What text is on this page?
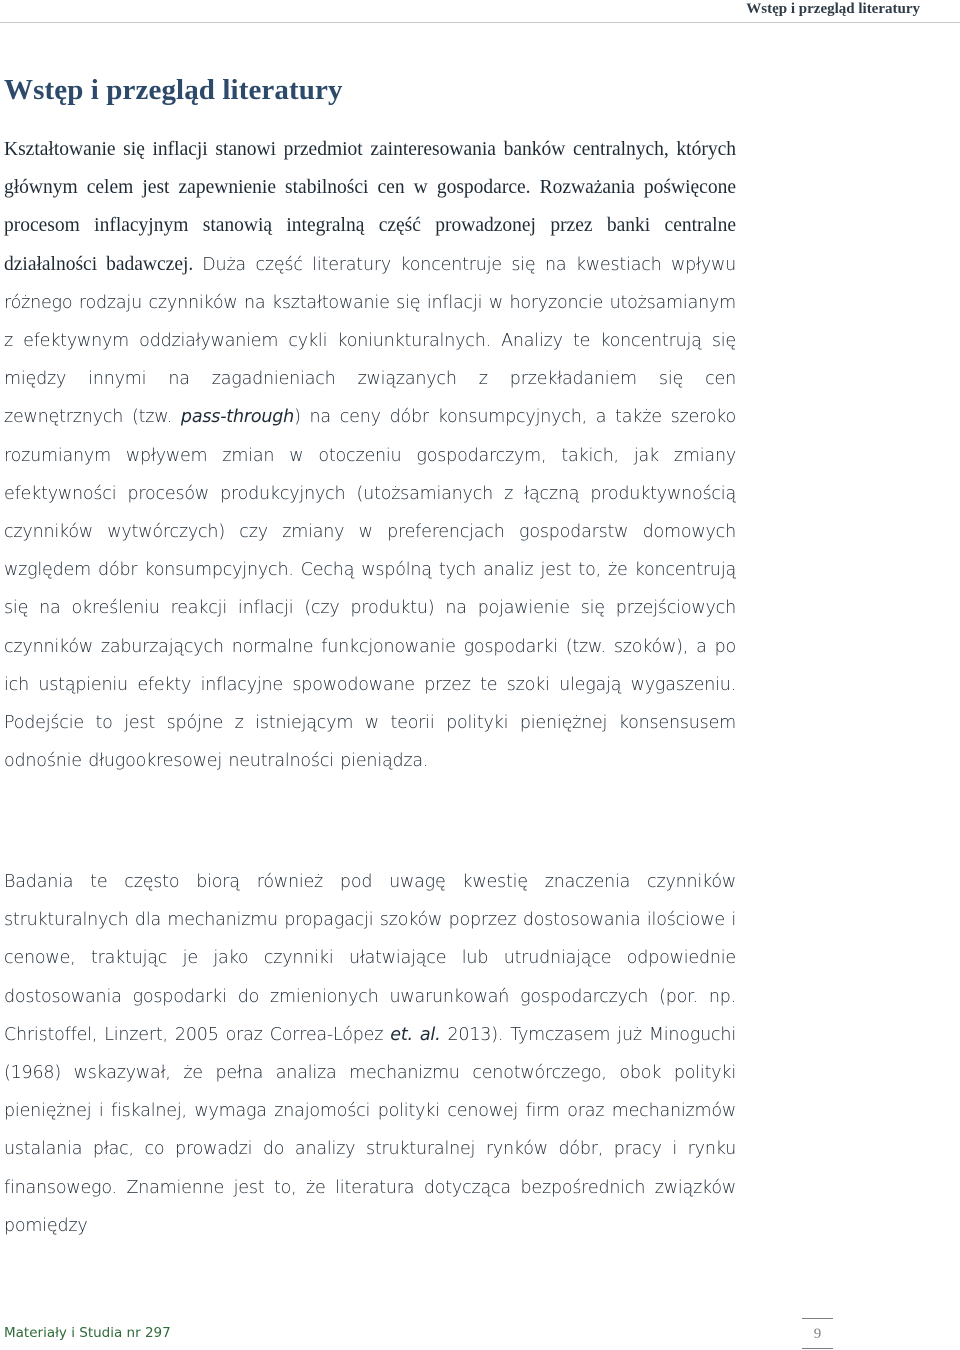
Wstęp i przegląd literatury
Wstęp i przegląd literatury

Kształtowanie się inflacji stanowi przedmiot zainteresowania banków centralnych, których głównym celem jest zapewnienie stabilności cen w gospodarce. Rozważania poświęcone procesom inflacyjnym stanowią integralną część prowadzonej przez banki centralne działalności badawczej. Duża część literatury koncentruje się na kwestiach wpływu różnego rodzaju czynników na kształtowanie się inflacji w horyzoncie utożsamianym z efektywnym oddziaływaniem cykli koniunkturalnych. Analizy te koncentrują się między innymi na zagadnieniach związanych z przekładaniem się cen zewnętrznych (tzw. pass-through) na ceny dóbr konsumpcyjnych, a także szeroko rozumianym wpływem zmian w otoczeniu gospodarczym, takich, jak zmiany efektywności procesów produkcyjnych (utożsamianych z łączną produktywnością czynników wytwórczych) czy zmiany w preferencjach gospodarstw domowych względem dóbr konsumpcyjnych. Cechą wspólną tych analiz jest to, że koncentrują się na określeniu reakcji inflacji (czy produktu) na pojawienie się przejściowych czynników zaburzających normalne funkcjonowanie gospodarki (tzw. szoków), a po ich ustąpieniu efekty inflacyjne spowodowane przez te szoki ulegają wygaszeniu. Podejście to jest spójne z istniejącym w teorii polityki pieniężnej konsensusem odnośnie długookresowej neutralności pieniądza.

Badania te często biorą również pod uwagę kwestię znaczenia czynników strukturalnych dla mechanizmu propagacji szoków poprzez dostosowania ilościowe i cenowe, traktując je jako czynniki ułatwiające lub utrudniające odpowiednie dostosowania gospodarki do zmienionych uwarunkowań gospodarczych (por. np. Christoffel, Linzert, 2005 oraz Correa-López et. al. 2013). Tymczasem już Minoguchi (1968) wskazywał, że pełna analiza mechanizmu cenotwórczego, obok polityki pieniężnej i fiskalnej, wymaga znajomości polityki cenowej firm oraz mechanizmów ustalania płac, co prowadzi do analizy strukturalnej rynków dóbr, pracy i rynku finansowego. Znamienne jest to, że literatura dotycząca bezpośrednich związków pomiędzy

Materiały i Studia nr 297	9
